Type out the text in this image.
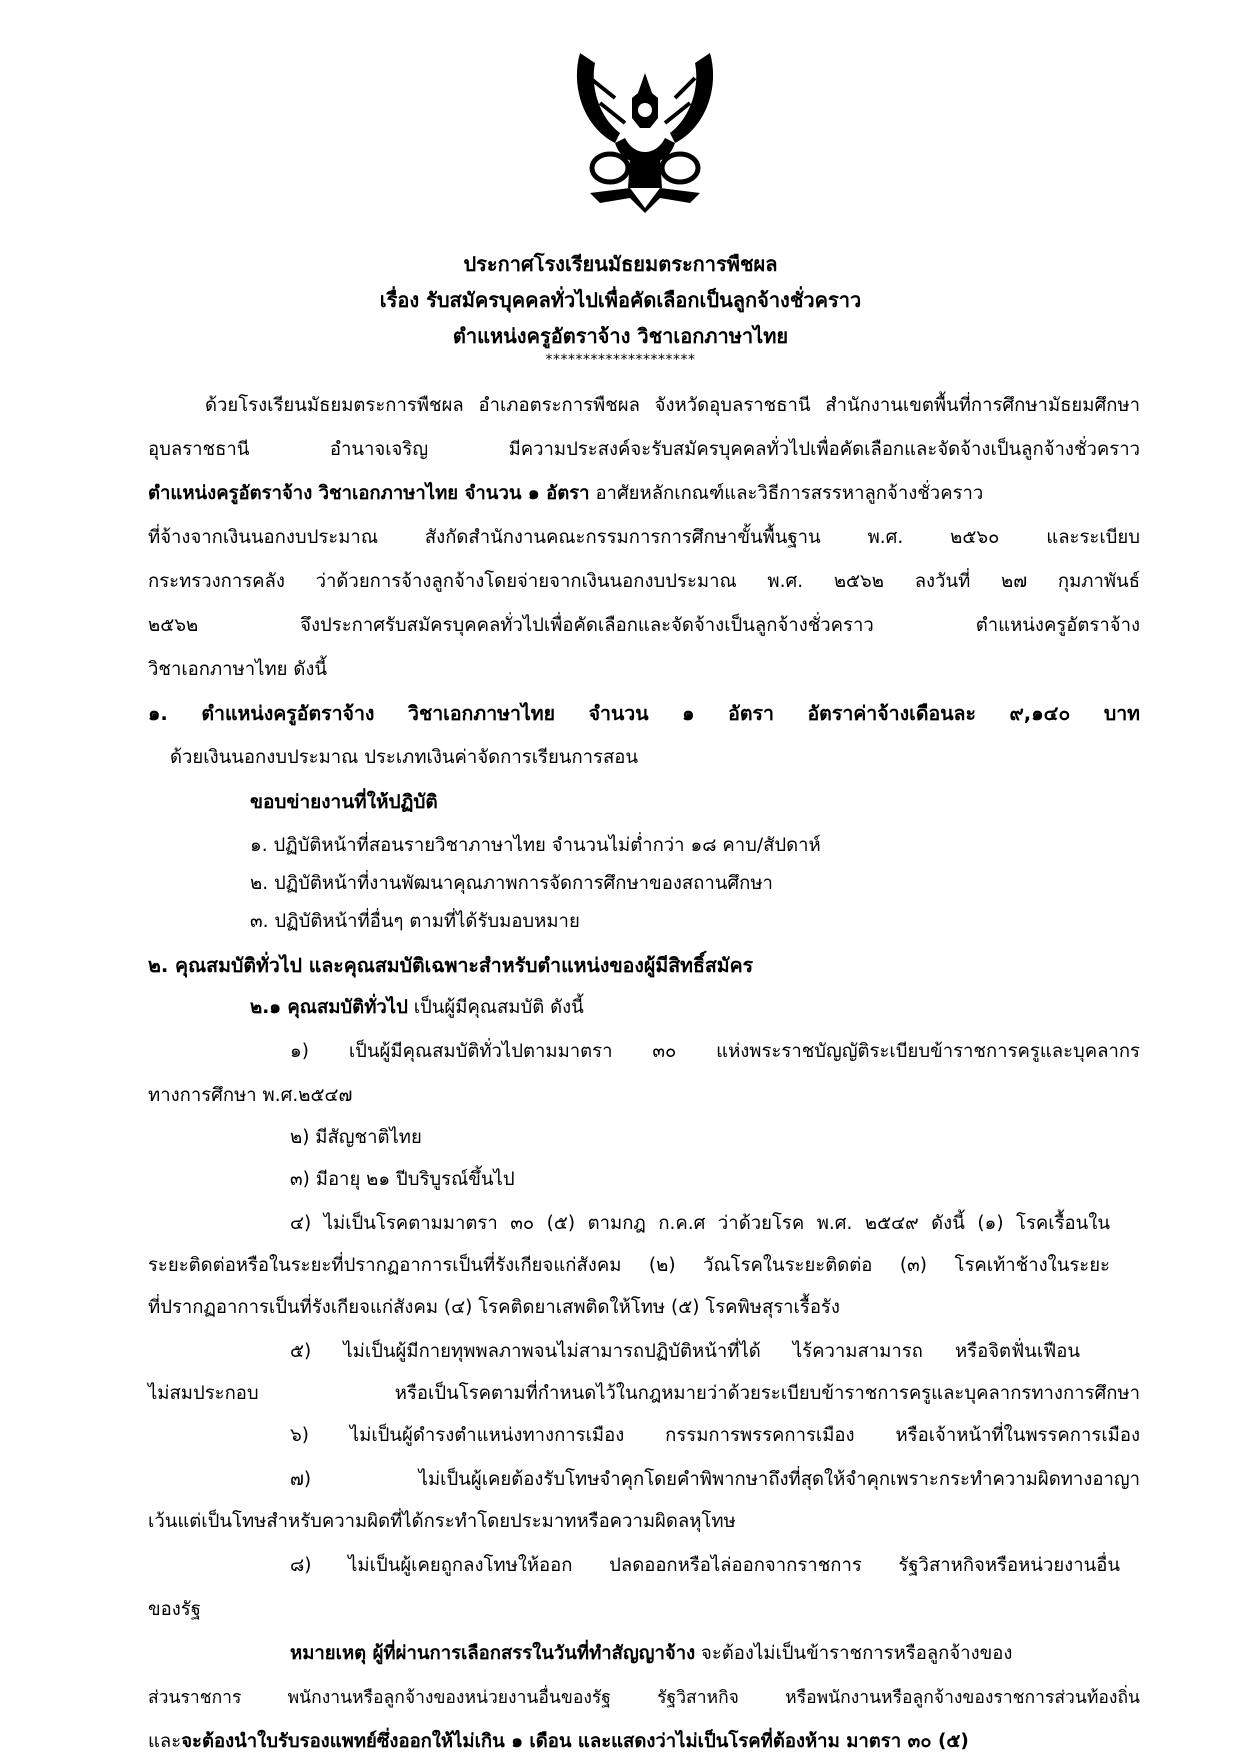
ประกาศโรงเรียนมัธยมตระการพืชผล
เรื่อง รับสมัครบุคคลทั่วไปเพื่อคัดเลือกเป็นลูกจ้างชั่วคราว
ตำแหน่งครูอัตราจ้าง วิชาเอกภาษาไทย
********************
ด้วยโรงเรียนมัธยมตระการพืชผล อำเภอตระการพืชผล จังหวัดอุบลราชธานี สำนักงานเขตพื้นที่การศึกษามัธยมศึกษา
อุบลราชธานี อำนาจเจริญ มีความประสงค์จะรับสมัครบุคคลทั่วไปเพื่อคัดเลือกและจัดจ้างเป็นลูกจ้างชั่วคราว
ตำแหน่งครูอัตราจ้าง วิชาเอกภาษาไทย จำนวน ๑ อัตรา อาศัยหลักเกณฑ์และวิธีการสรรหาลูกจ้างชั่วคราว
ที่จ้างจากเงินนอกงบประมาณ สังกัดสำนักงานคณะกรรมการการศึกษาขั้นพื้นฐาน พ.ศ. ๒๕๖๐ และระเบียบ
กระทรวงการคลัง ว่าด้วยการจ้างลูกจ้างโดยจ่ายจากเงินนอกงบประมาณ พ.ศ. ๒๕๖๒ ลงวันที่ ๒๗ กุมภาพันธ์
๒๕๖๒ จึงประกาศรับสมัครบุคคลทั่วไปเพื่อคัดเลือกและจัดจ้างเป็นลูกจ้างชั่วคราว ตำแหน่งครูอัตราจ้าง
วิชาเอกภาษาไทย ดังนี้
๑. ตำแหน่งครูอัตราจ้าง วิชาเอกภาษาไทย จำนวน ๑ อัตรา อัตราค่าจ้างเดือนละ ๙,๑๔๐ บาท
ด้วยเงินนอกงบประมาณ ประเภทเงินค่าจัดการเรียนการสอน
ขอบข่ายงานที่ให้ปฏิบัติ
๑. ปฏิบัติหน้าที่สอนรายวิชาภาษาไทย จำนวนไม่ต่ำกว่า ๑๘ คาบ/สัปดาห์
๒. ปฏิบัติหน้าที่งานพัฒนาคุณภาพการจัดการศึกษาของสถานศึกษา
๓. ปฏิบัติหน้าที่อื่นๆ ตามที่ได้รับมอบหมาย
๒. คุณสมบัติทั่วไป และคุณสมบัติเฉพาะสำหรับตำแหน่งของผู้มีสิทธิ์สมัคร
๒.๑ คุณสมบัติทั่วไป เป็นผู้มีคุณสมบัติ ดังนี้
๑) เป็นผู้มีคุณสมบัติทั่วไปตามมาตรา ๓๐ แห่งพระราชบัญญัติระเบียบข้าราชการครูและบุคลากร
ทางการศึกษา พ.ศ.๒๕๔๗
๒) มีสัญชาติไทย
๓) มีอายุ ๒๑ ปีบริบูรณ์ขึ้นไป
๔) ไม่เป็นโรคตามมาตรา ๓๐ (๕) ตามกฎ ก.ค.ศ ว่าด้วยโรค พ.ศ. ๒๕๔๙ ดังนี้ (๑) โรคเรื้อนใน
ระยะติดต่อหรือในระยะที่ปรากฏอาการเป็นที่รังเกียจแก่สังคม (๒) วัณโรคในระยะติดต่อ (๓) โรคเท้าช้างในระยะ
ที่ปรากฏอาการเป็นที่รังเกียจแก่สังคม (๔) โรคติดยาเสพติดให้โทษ (๕) โรคพิษสุราเรื้อรัง
๕) ไม่เป็นผู้มีกายทุพพลภาพจนไม่สามารถปฏิบัติหน้าที่ได้ ไร้ความสามารถ หรือจิตฟั่นเฟือน
ไม่สมประกอบ หรือเป็นโรคตามที่กำหนดไว้ในกฎหมายว่าด้วยระเบียบข้าราชการครูและบุคลากรทางการศึกษา
๖) ไม่เป็นผู้ดำรงตำแหน่งทางการเมือง กรรมการพรรคการเมือง หรือเจ้าหน้าที่ในพรรคการเมือง
๗) ไม่เป็นผู้เคยต้องรับโทษจำคุกโดยคำพิพากษาถึงที่สุดให้จำคุกเพราะกระทำความผิดทางอาญา
เว้นแต่เป็นโทษสำหรับความผิดที่ได้กระทำโดยประมาทหรือความผิดลหุโทษ
๘) ไม่เป็นผู้เคยถูกลงโทษให้ออก ปลดออกหรือไล่ออกจากราชการ รัฐวิสาหกิจหรือหน่วยงานอื่น
ของรัฐ
หมายเหตุ ผู้ที่ผ่านการเลือกสรรในวันที่ทำสัญญาจ้าง จะต้องไม่เป็นข้าราชการหรือลูกจ้างของ
ส่วนราชการ พนักงานหรือลูกจ้างของหน่วยงานอื่นของรัฐ รัฐวิสาหกิจ หรือพนักงานหรือลูกจ้างของราชการส่วนท้องถิ่น
และจะต้องนำใบรับรองแพทย์ซึ่งออกให้ไม่เกิน ๑ เดือน และแสดงว่าไม่เป็นโรคที่ต้องห้าม มาตรา ๓๐ (๕)
